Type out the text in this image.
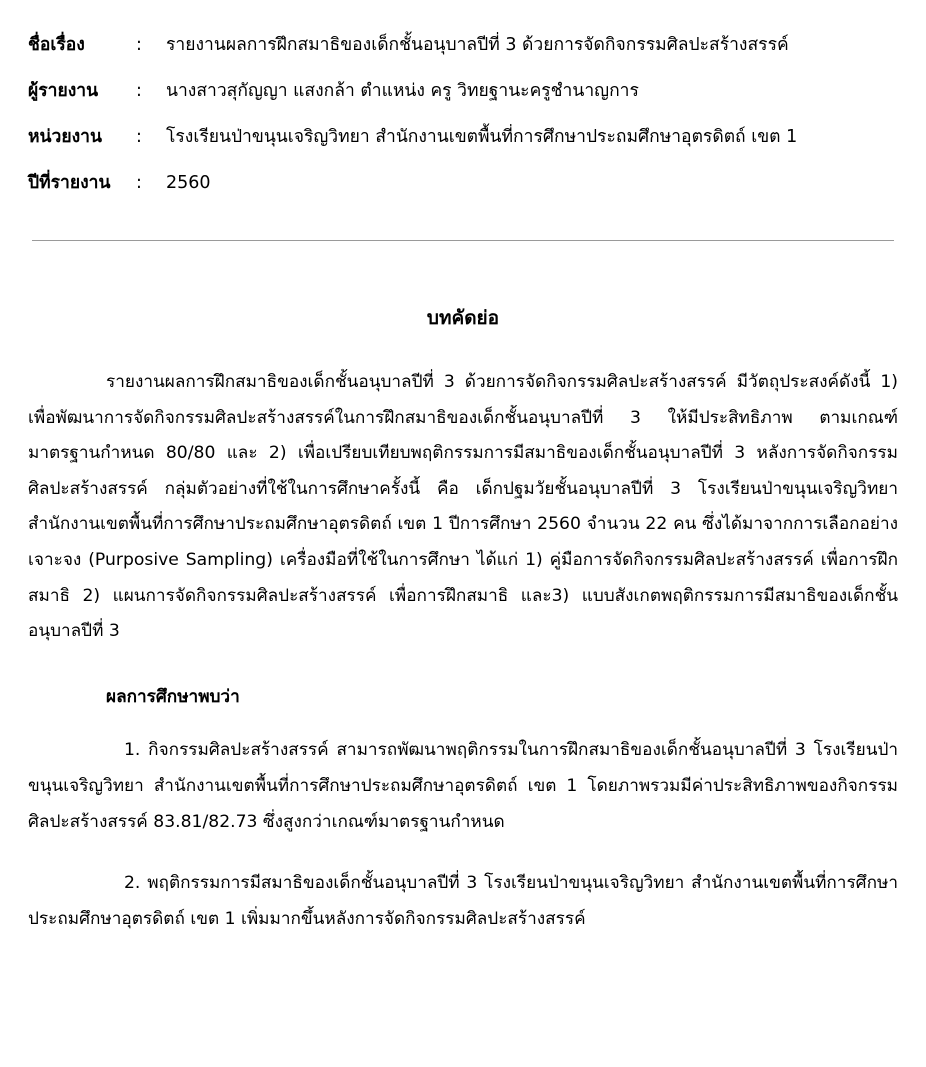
ชื่อเรื่อง	:	รายงานผลการฝึกสมาธิของเด็กชั้นอนุบาลปีที่ 3 ด้วยการจัดกิจกรรมศิลปะสร้างสรรค์
ผู้รายงาน	:	นางสาวสุกัญญา แสงกล้า ตำแหน่ง ครู วิทยฐานะครูชำนาญการ
หน่วยงาน	:	โรงเรียนป่าขนุนเจริญวิทยา สำนักงานเขตพื้นที่การศึกษาประถมศึกษาอุตรดิตถ์ เขต 1
ปีที่รายงาน	:	2560
บทคัดย่อ

รายงานผลการฝึกสมาธิของเด็กชั้นอนุบาลปีที่ 3 ด้วยการจัดกิจกรรมศิลปะสร้างสรรค์ มีวัตถุประสงค์ดังนี้ 1) เพื่อพัฒนาการจัดกิจกรรมศิลปะสร้างสรรค์ในการฝึกสมาธิของเด็กชั้นอนุบาลปีที่ 3 ให้มีประสิทธิภาพ ตามเกณฑ์มาตรฐานกำหนด 80/80 และ 2) เพื่อเปรียบเทียบพฤติกรรมการมีสมาธิของเด็กชั้นอนุบาลปีที่ 3 หลังการจัดกิจกรรมศิลปะสร้างสรรค์ กลุ่มตัวอย่างที่ใช้ในการศึกษาครั้งนี้ คือ เด็กปฐมวัยชั้นอนุบาลปีที่ 3 โรงเรียนป่าขนุนเจริญวิทยา สำนักงานเขตพื้นที่การศึกษาประถมศึกษาอุตรดิตถ์ เขต 1 ปีการศึกษา 2560 จำนวน 22 คน ซึ่งได้มาจากการเลือกอย่างเจาะจง (Purposive Sampling) เครื่องมือที่ใช้ในการศึกษา ได้แก่ 1) คู่มือการจัดกิจกรรมศิลปะสร้างสรรค์ เพื่อการฝึกสมาธิ 2) แผนการจัดกิจกรรมศิลปะสร้างสรรค์ เพื่อการฝึกสมาธิ และ3) แบบสังเกตพฤติกรรมการมีสมาธิของเด็กชั้นอนุบาลปีที่ 3

ผลการศึกษาพบว่า

1. กิจกรรมศิลปะสร้างสรรค์ สามารถพัฒนาพฤติกรรมในการฝึกสมาธิของเด็กชั้นอนุบาลปีที่ 3 โรงเรียนป่าขนุนเจริญวิทยา สำนักงานเขตพื้นที่การศึกษาประถมศึกษาอุตรดิตถ์ เขต 1 โดยภาพรวมมีค่าประสิทธิภาพของกิจกรรมศิลปะสร้างสรรค์ 83.81/82.73 ซึ่งสูงกว่าเกณฑ์มาตรฐานกำหนด

2. พฤติกรรมการมีสมาธิของเด็กชั้นอนุบาลปีที่ 3 โรงเรียนป่าขนุนเจริญวิทยา สำนักงานเขตพื้นที่การศึกษาประถมศึกษาอุตรดิตถ์ เขต 1 เพิ่มมากขึ้นหลังการจัดกิจกรรมศิลปะสร้างสรรค์
